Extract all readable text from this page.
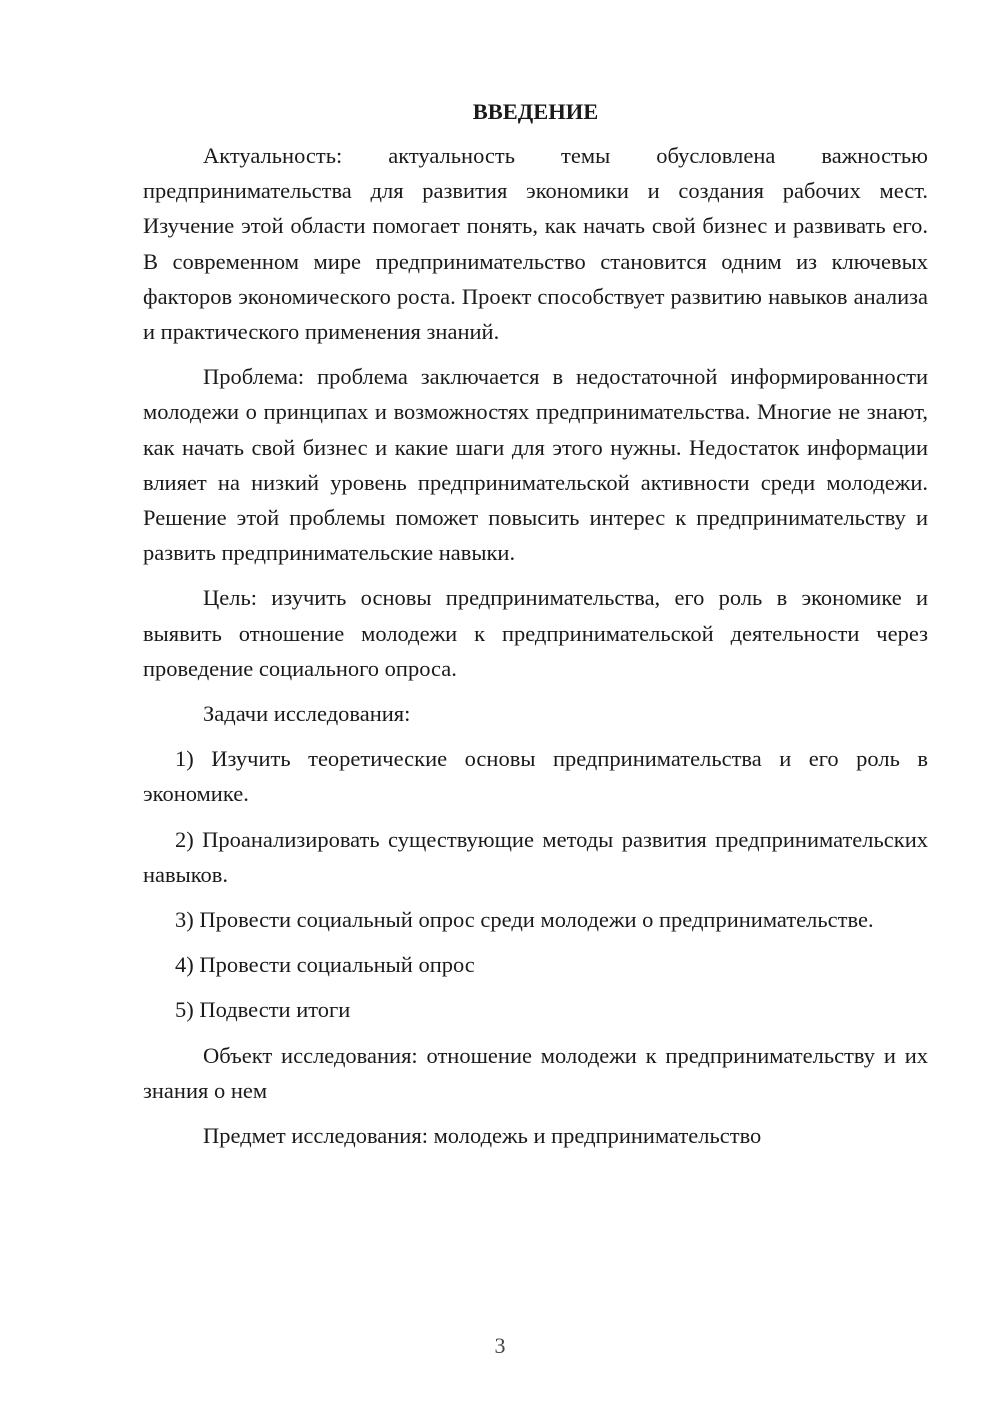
ВВЕДЕНИЕ

Актуальность: актуальность темы обусловлена важностью предпринимательства для развития экономики и создания рабочих мест. Изучение этой области помогает понять, как начать свой бизнес и развивать его. В современном мире предпринимательство становится одним из ключевых факторов экономического роста. Проект способствует развитию навыков анализа и практического применения знаний.

Проблема: проблема заключается в недостаточной информированности молодежи о принципах и возможностях предпринимательства. Многие не знают, как начать свой бизнес и какие шаги для этого нужны. Недостаток информации влияет на низкий уровень предпринимательской активности среди молодежи. Решение этой проблемы поможет повысить интерес к предпринимательству и развить предпринимательские навыки.

Цель: изучить основы предпринимательства, его роль в экономике и выявить отношение молодежи к предпринимательской деятельности через проведение социального опроса.

Задачи исследования:

1) Изучить теоретические основы предпринимательства и его роль в экономике.

2) Проанализировать существующие методы развития предпринимательских навыков.

3) Провести социальный опрос среди молодежи о предпринимательстве.

4) Провести социальный опрос

5) Подвести итоги

Объект исследования: отношение молодежи к предпринимательству и их знания о нем

Предмет исследования: молодежь и предпринимательство

3
